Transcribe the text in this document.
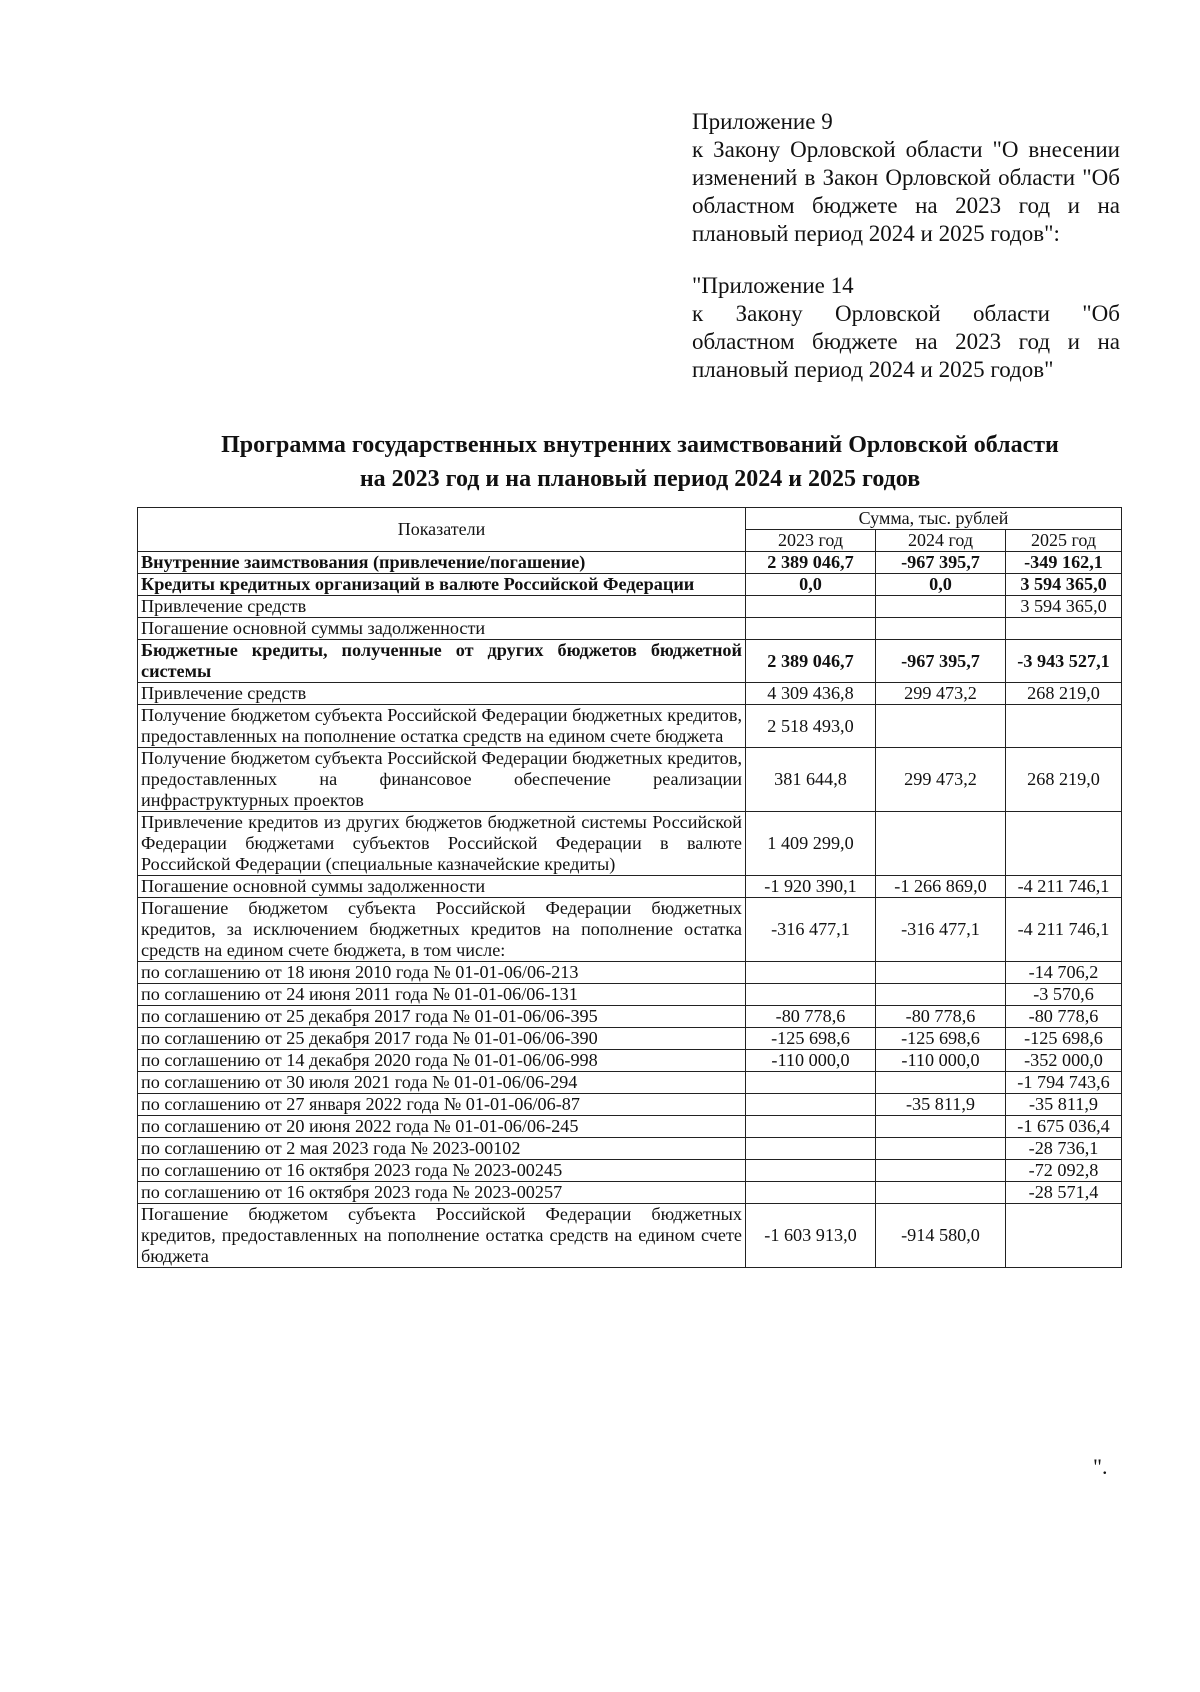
Приложение 9

к Закону Орловской области "О внесении изменений в Закон Орловской области "Об областном бюджете на 2023 год и на плановый период 2024 и 2025 годов":

"Приложение 14

к Закону Орловской области "Об областном бюджете на 2023 год и на плановый период 2024 и 2025 годов"

Программа государственных внутренних заимствований Орловской области
на 2023 год и на плановый период 2024 и 2025 годов
Показатели	Сумма, тыс. рублей		
	2023 год	2024 год	2025 год
Внутренние заимствования (привлечение/погашение)	2 389 046,7	-967 395,7	-349 162,1
Кредиты кредитных организаций в валюте Российской Федерации	0,0	0,0	3 594 365,0
Привлечение средств			3 594 365,0
Погашение основной суммы задолженности			
Бюджетные кредиты, полученные от других бюджетов бюджетной системы	2 389 046,7	-967 395,7	-3 943 527,1
Привлечение средств	4 309 436,8	299 473,2	268 219,0
Получение бюджетом субъекта Российской Федерации бюджетных кредитов, предоставленных на пополнение остатка средств на едином счете бюджета	2 518 493,0		
Получение бюджетом субъекта Российской Федерации бюджетных кредитов, предоставленных на финансовое обеспечение реализации инфраструктурных проектов	381 644,8	299 473,2	268 219,0
Привлечение кредитов из других бюджетов бюджетной системы Российской Федерации бюджетами субъектов Российской Федерации в валюте Российской Федерации (специальные казначейские кредиты)	1 409 299,0		
Погашение основной суммы задолженности	-1 920 390,1	-1 266 869,0	-4 211 746,1
Погашение бюджетом субъекта Российской Федерации бюджетных кредитов, за исключением бюджетных кредитов на пополнение остатка средств на едином счете бюджета, в том числе:	-316 477,1	-316 477,1	-4 211 746,1
по соглашению от 18 июня 2010 года № 01-01-06/06-213			-14 706,2
по соглашению от 24 июня 2011 года № 01-01-06/06-131			-3 570,6
по соглашению от 25 декабря 2017 года № 01-01-06/06-395	-80 778,6	-80 778,6	-80 778,6
по соглашению от 25 декабря 2017 года № 01-01-06/06-390	-125 698,6	-125 698,6	-125 698,6
по соглашению от 14 декабря 2020 года № 01-01-06/06-998	-110 000,0	-110 000,0	-352 000,0
по соглашению от 30 июля 2021 года № 01-01-06/06-294			-1 794 743,6
по соглашению от 27 января 2022 года № 01-01-06/06-87		-35 811,9	-35 811,9
по соглашению от 20 июня 2022 года № 01-01-06/06-245			-1 675 036,4
по соглашению от 2 мая 2023 года № 2023-00102			-28 736,1
по соглашению от 16 октября 2023 года № 2023-00245			-72 092,8
по соглашению от 16 октября 2023 года № 2023-00257			-28 571,4
Погашение бюджетом субъекта Российской Федерации бюджетных кредитов, предоставленных на пополнение остатка средств на едином счете бюджета	-1 603 913,0	-914 580,0	
".
